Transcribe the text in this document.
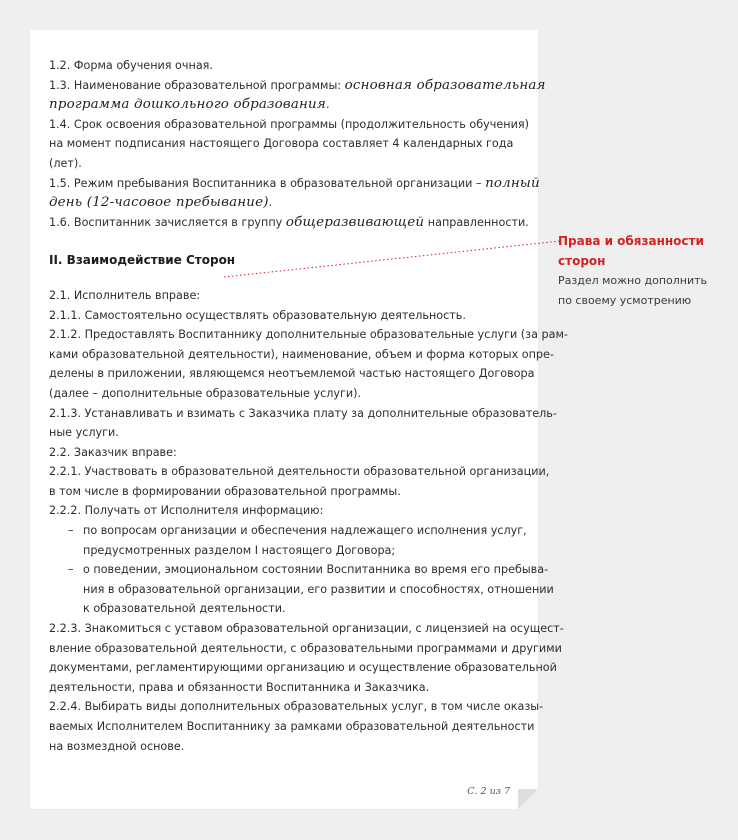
1.2. Форма обучения очная.

1.3. Наименование образовательной программы: основная образовательная

программа дошкольного образования.

1.4. Срок освоения образовательной программы (продолжительность обучения)

на момент подписания настоящего Договора составляет 4 календарных года

(лет).

1.5. Режим пребывания Воспитанника в образовательной организации – полный

день (12-часовое пребывание).

1.6. Воспитанник зачисляется в группу общеразвивающей направленности.

II. Взаимодействие Сторон

2.1. Исполнитель вправе:

2.1.1. Самостоятельно осуществлять образовательную деятельность.

2.1.2. Предоставлять Воспитаннику дополнительные образовательные услуги (за рам-

ками образовательной деятельности), наименование, объем и форма которых опре-

делены в приложении, являющемся неотъемлемой частью настоящего Договора

(далее – дополнительные образовательные услуги).

2.1.3. Устанавливать и взимать с Заказчика плату за дополнительные образователь-

ные услуги.

2.2. Заказчик вправе:

2.2.1. Участвовать в образовательной деятельности образовательной организации,

в том числе в формировании образовательной программы.

2.2.2. Получать от Исполнителя информацию:

– по вопросам организации и обеспечения надлежащего исполнения услуг,

предусмотренных разделом I настоящего Договора;

– о поведении, эмоциональном состоянии Воспитанника во время его пребыва-

ния в образовательной организации, его развитии и способностях, отношении

к образовательной деятельности.

2.2.3. Знакомиться с уставом образовательной организации, с лицензией на осущест-

вление образовательной деятельности, с образовательными программами и другими

документами, регламентирующими организацию и осуществление образовательной

деятельности, права и обязанности Воспитанника и Заказчика.

2.2.4. Выбирать виды дополнительных образовательных услуг, в том числе оказы-

ваемых Исполнителем Воспитаннику за рамками образовательной деятельности

на возмездной основе.

С. 2 из 7

Права и обязанности

сторон

Раздел можно дополнить

по своему усмотрению
